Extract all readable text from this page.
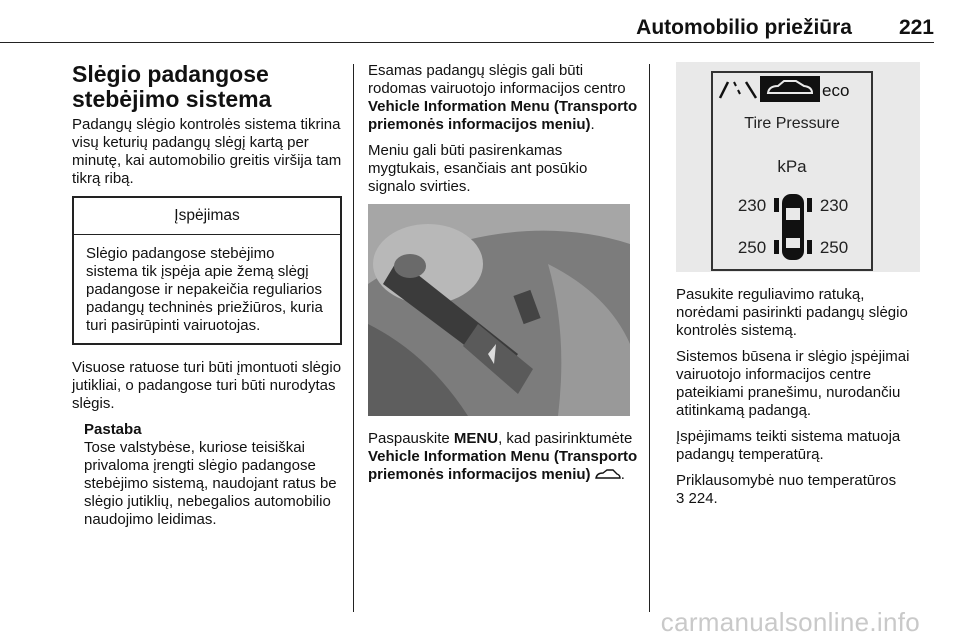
Automobilio priežiūra 221
Slėgio padangose stebėjimo sistema

Padangų slėgio kontrolės sistema tikrina visų keturių padangų slėgį kartą per minutę, kai automobilio greitis viršija tam tikrą ribą.

Įspėjimas
Slėgio padangose stebėjimo sistema tik įspėja apie žemą slėgį padangose ir nepakeičia reguliarios padangų techninės priežiūros, kuria turi pasirūpinti vairuotojas.

Visuose ratuose turi būti įmontuoti slėgio jutikliai, o padangose turi būti nurodytas slėgis.

Pastaba

Tose valstybėse, kuriose teisiškai privaloma įrengti slėgio padangose stebėjimo sistemą, naudojant ratus be slėgio jutiklių, nebegalios automobilio naudojimo leidimas.

Esamas padangų slėgis gali būti rodomas vairuotojo informacijos centro Vehicle Information Menu (Transporto priemonės informacijos meniu).

Meniu gali būti pasirenkamas mygtukais, esančiais ant posūkio signalo svirties.

Paspauskite MENU, kad pasirinktumėte Vehicle Information Menu (Transporto priemonės informacijos meniu) .

eco
Tire Pressure
kPa
230	230
250	250

Pasukite reguliavimo ratuką, norėdami pasirinkti padangų slėgio kontrolės sistemą.

Sistemos būsena ir slėgio įspėjimai vairuotojo informacijos centre pateikiami pranešimu, nurodančiu atitinkamą padangą.

Įspėjimams teikti sistema matuoja padangų temperatūrą.

Priklausomybė nuo temperatūros
3 224.

carmanualsonline.info
